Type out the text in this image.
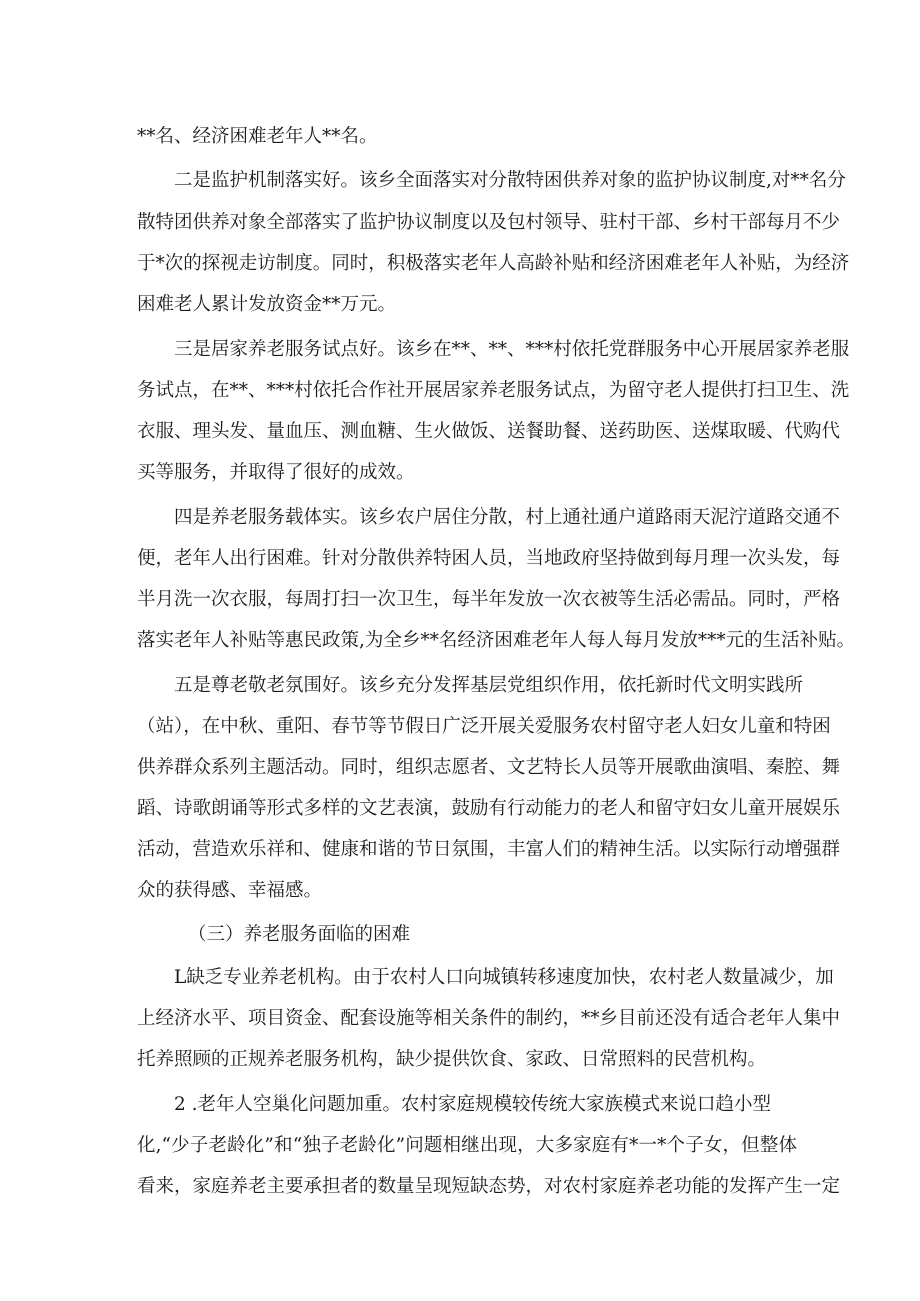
**名、经济困难老年人**名。
二是监护机制落实好。该乡全面落实对分散特困供养对象的监护协议制度,对**名分
散特团供养对象全部落实了监护协议制度以及包村领导、驻村干部、乡村干部每月不少
于*次的探视走访制度。同时，积极落实老年人高龄补贴和经济困难老年人补贴，为经济
困难老人累计发放资金**万元。
三是居家养老服务试点好。该乡在**、**、***村依托党群服务中心开展居家养老服
务试点，在**、***村依托合作社开展居家养老服务试点，为留守老人提供打扫卫生、洗
衣服、理头发、量血压、测血糖、生火做饭、送餐助餐、送药助医、送煤取暖、代购代
买等服务，并取得了很好的成效。
四是养老服务载体实。该乡农户居住分散，村上通社通户道路雨天泥泞道路交通不
便，老年人出行困难。针对分散供养特困人员，当地政府坚持做到每月理一次头发，每
半月洗一次衣服，每周打扫一次卫生，每半年发放一次衣被等生活必需品。同时，严格
落实老年人补贴等惠民政策,为全乡**名经济困难老年人每人每月发放***元的生活补贴。
五是尊老敬老氛围好。该乡充分发挥基层党组织作用，依托新时代文明实践所
（站），在中秋、重阳、春节等节假日广泛开展关爱服务农村留守老人妇女儿童和特困
供养群众系列主题活动。同时，组织志愿者、文艺特长人员等开展歌曲演唱、秦腔、舞
蹈、诗歌朗诵等形式多样的文艺表演，鼓励有行动能力的老人和留守妇女儿童开展娱乐
活动，营造欢乐祥和、健康和谐的节日氛围，丰富人们的精神生活。以实际行动增强群
众的获得感、幸福感。
（三）养老服务面临的困难
L缺乏专业养老机构。由于农村人口向城镇转移速度加快，农村老人数量减少，加
上经济水平、项目资金、配套设施等相关条件的制约，**乡目前还没有适合老年人集中
托养照顾的正规养老服务机构，缺少提供饮食、家政、日常照料的民营机构。
2 .老年人空巢化问题加重。农村家庭规模较传统大家族模式来说口趋小型
化,“少子老龄化”和“独子老龄化”问题相继出现，大多家庭有*一*个子女，但整体
看来，家庭养老主要承担者的数量呈现短缺态势，对农村家庭养老功能的发挥产生一定
